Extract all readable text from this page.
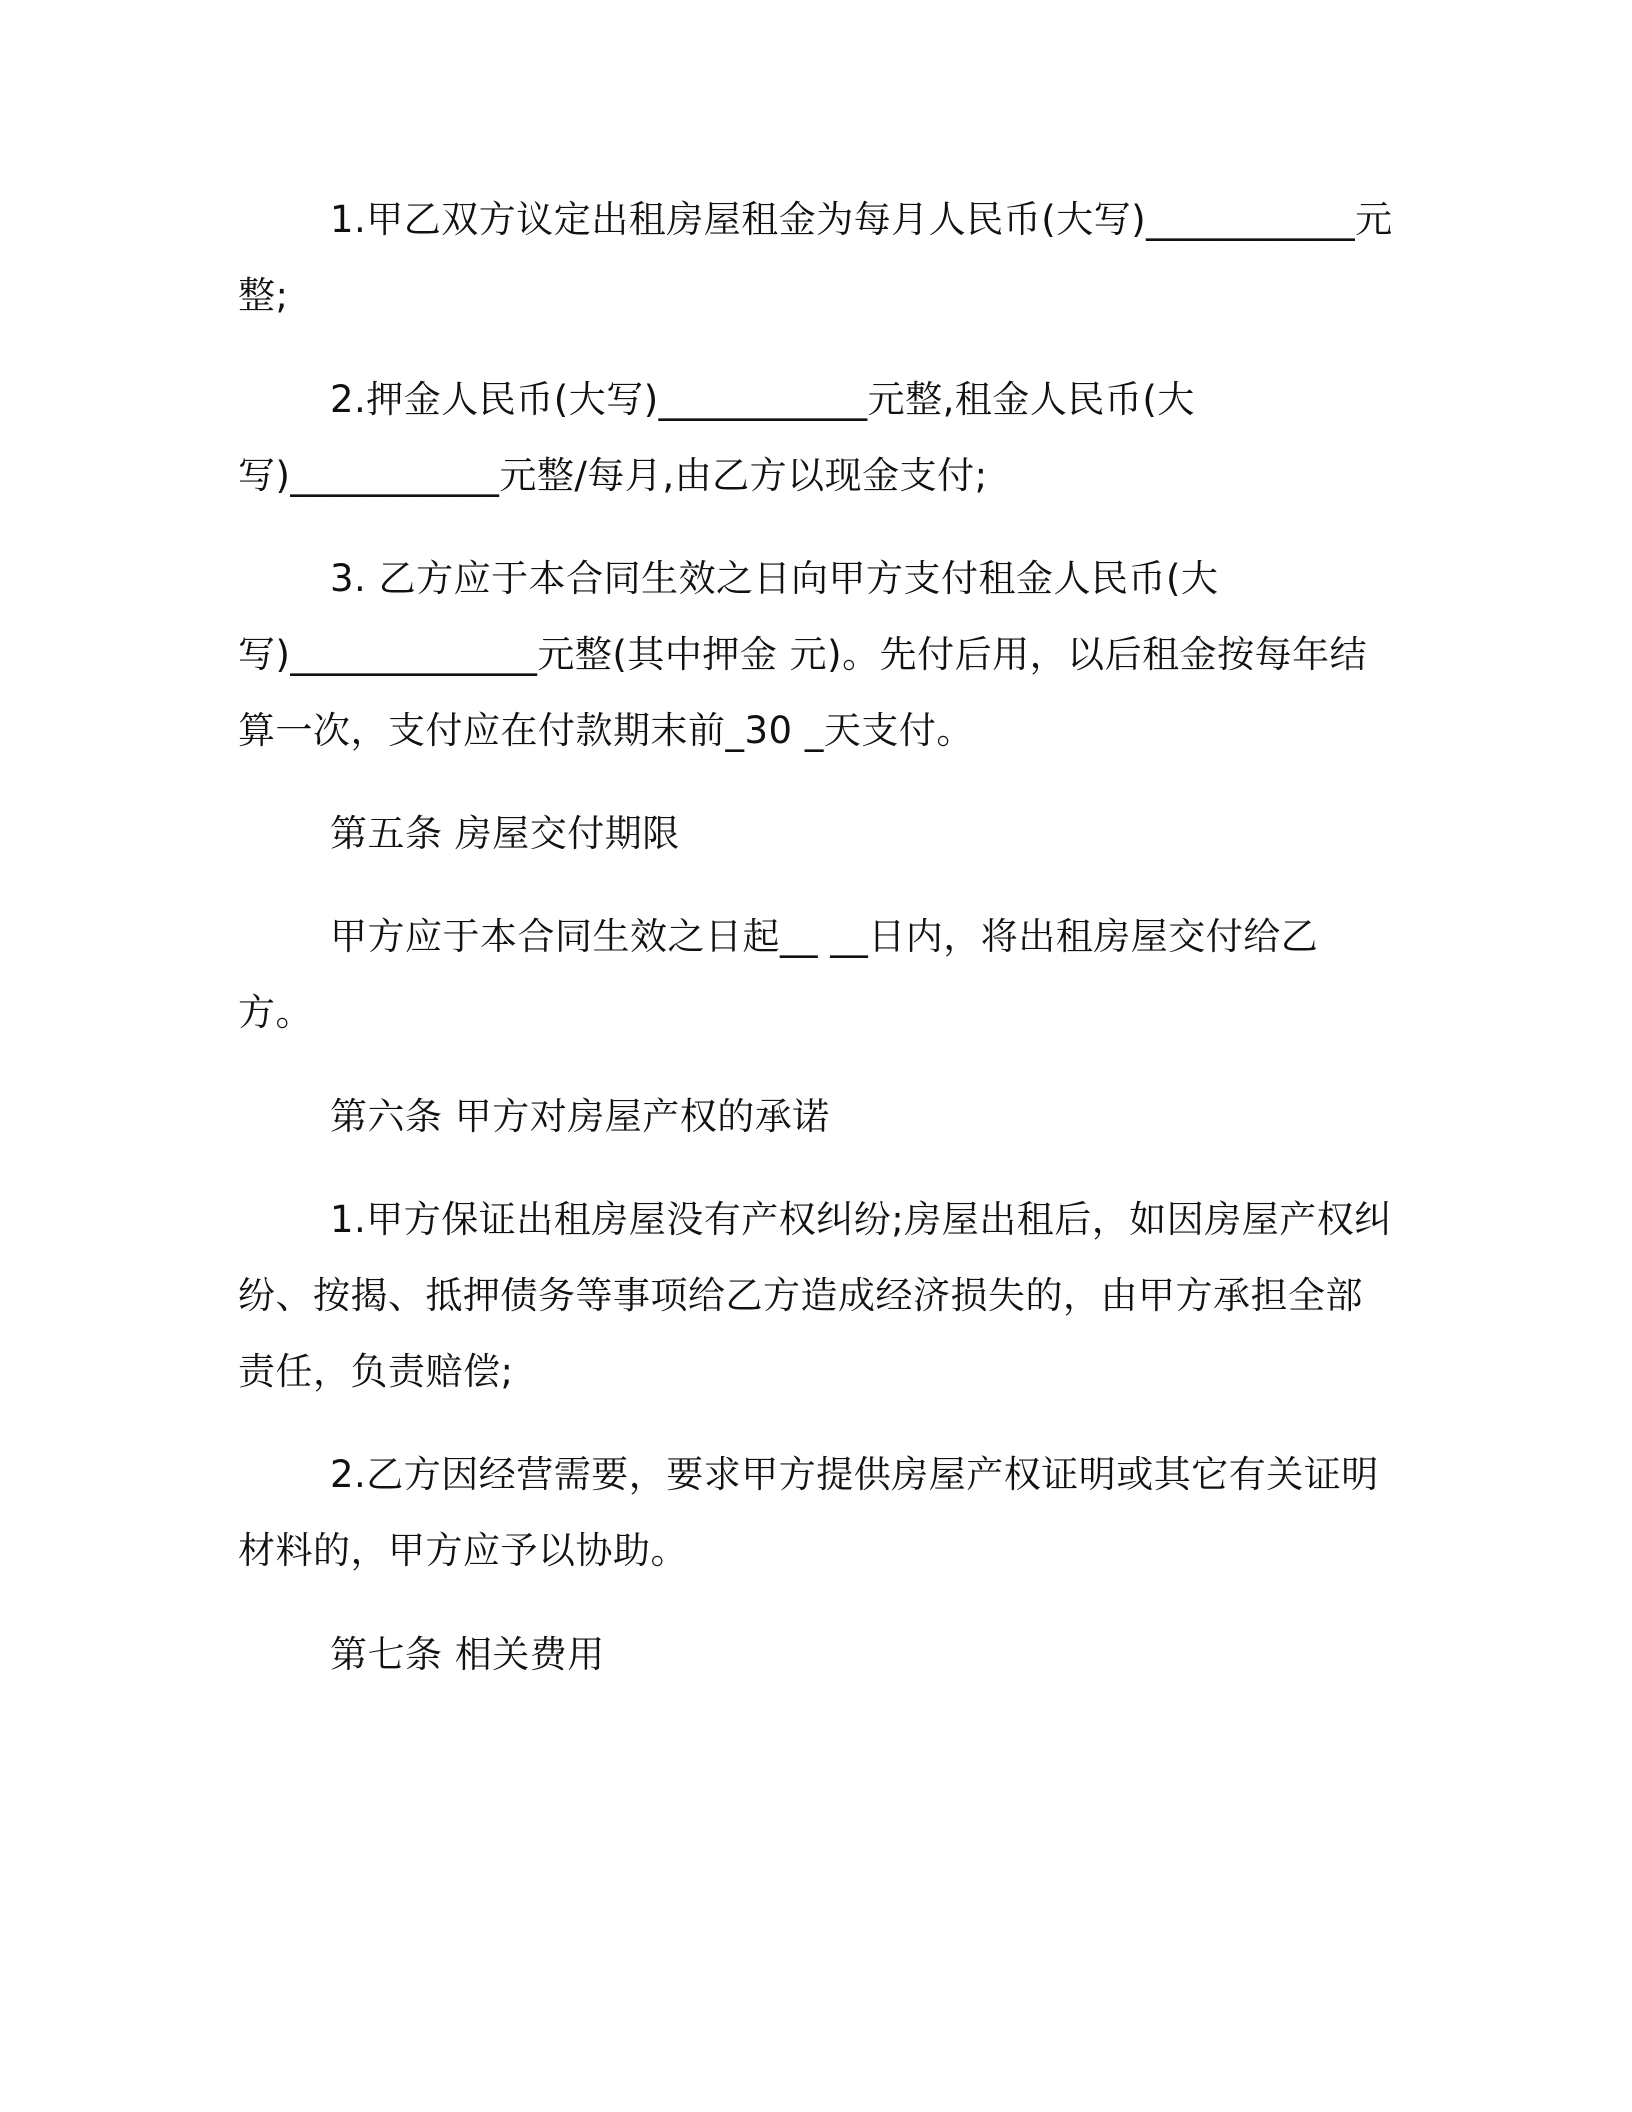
1.甲乙双方议定出租房屋租金为每月人民币(大写)___________元
整;
2.押金人民币(大写)___________元整,租金人民币(大
写)___________元整/每月,由乙方以现金支付;
3. 乙方应于本合同生效之日向甲方支付租金人民币(大
写)_____________元整(其中押金 元)。先付后用，以后租金按每年结
算一次，支付应在付款期末前_30 _天支付。
第五条 房屋交付期限
甲方应于本合同生效之日起__ __日内，将出租房屋交付给乙
方。
第六条 甲方对房屋产权的承诺
1.甲方保证出租房屋没有产权纠纷;房屋出租后，如因房屋产权纠
纷、按揭、抵押债务等事项给乙方造成经济损失的，由甲方承担全部
责任，负责赔偿;
2.乙方因经营需要，要求甲方提供房屋产权证明或其它有关证明
材料的，甲方应予以协助。
第七条 相关费用
